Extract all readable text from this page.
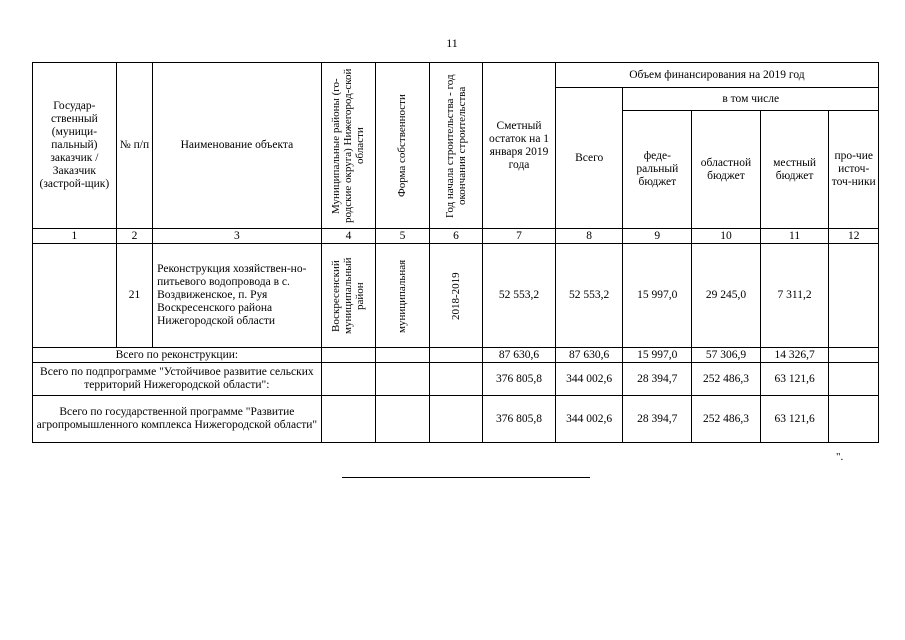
11
Государ-ственный (муници-пальный) заказчик / Заказчик (застрой-щик)	№ п/п	Наименование объекта	Муниципальные районы (го-родские округа) Нижегород-ской области	Форма собственности	Год начала строительства - год окончания строительства	Сметный остаток на 1 января 2019 года	Объем финансирования на 2019 год				
							Всего	в том числе			
								феде-ральный бюджет	областной бюджет	местный бюджет	про-чие источ-точ-ники
1	2	3	4	5	6	7	8	9	10	11	12
	21	Реконструкция хозяйствен-но-питьевого водопровода в с. Воздвиженское, п. Руя Воскресенского района Нижегородской области	Воскресенский муниципальный район	муниципальная	2018-2019	52 553,2	52 553,2	15 997,0	29 245,0	7 311,2	
Всего по реконструкции:						87 630,6	87 630,6	15 997,0	57 306,9	14 326,7	
Всего по подпрограмме "Устойчивое развитие сельских территорий Нижегородской области":						376 805,8	344 002,6	28 394,7	252 486,3	63 121,6	
Всего по государственной программе "Развитие агропромышленного комплекса Нижегородской области"						376 805,8	344 002,6	28 394,7	252 486,3	63 121,6	
".
